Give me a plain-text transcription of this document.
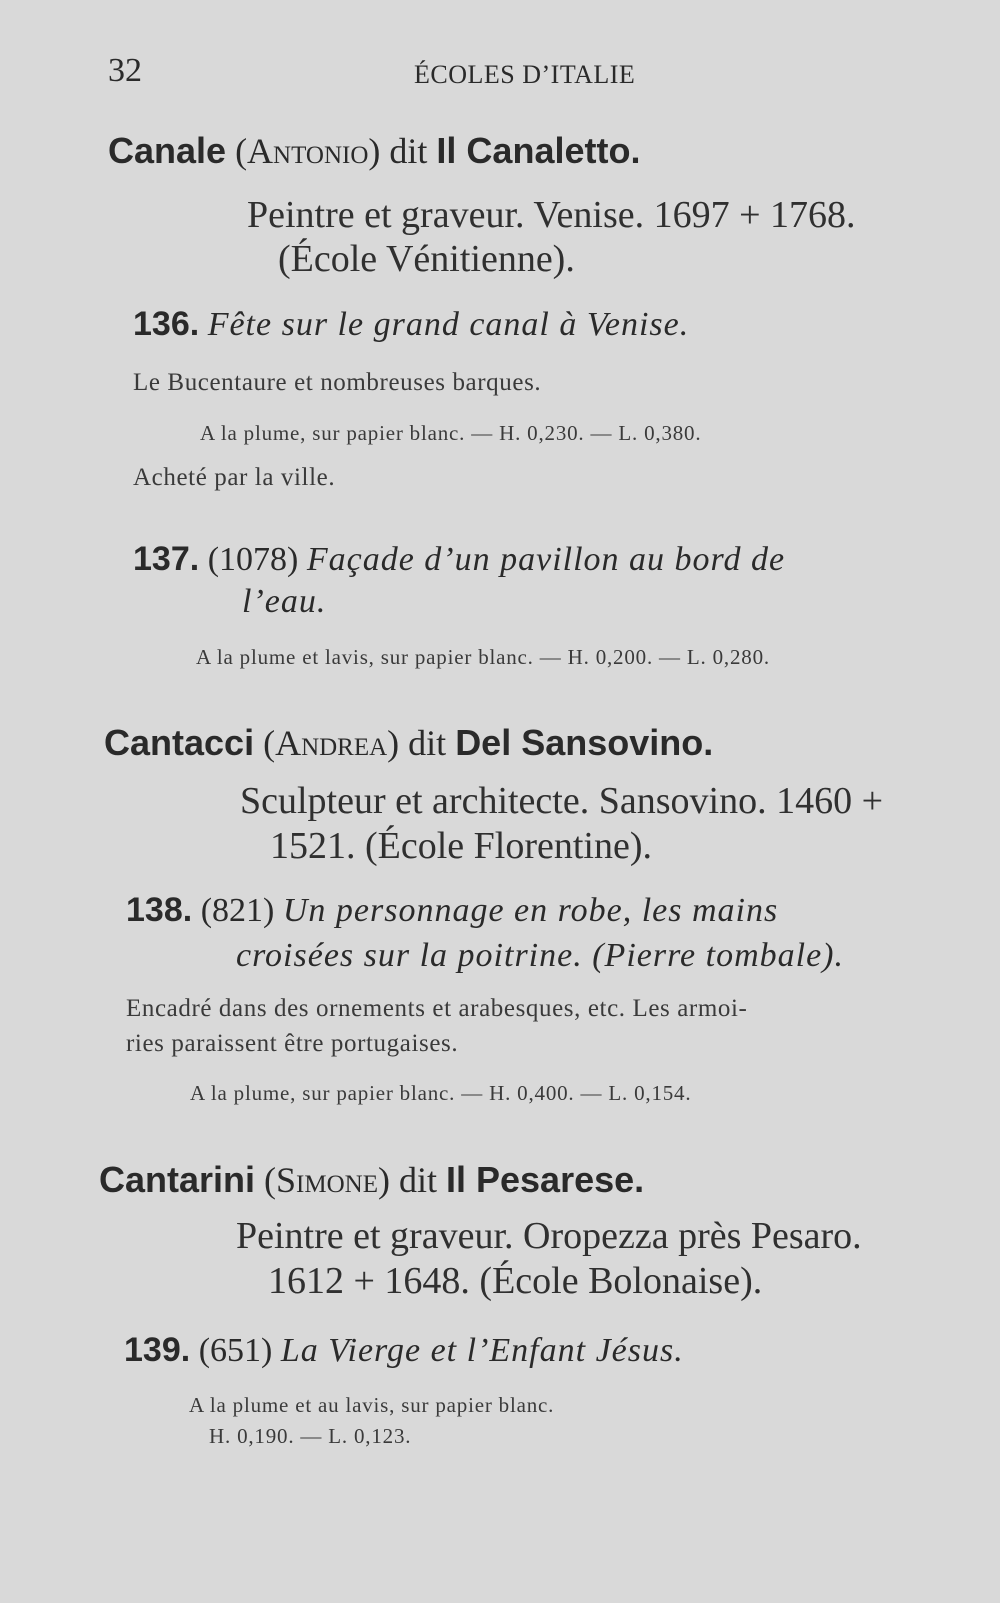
32	ÉCOLES D’ITALIE
Canale (Antonio) dit Il Canaletto.
Peintre et graveur. Venise. 1697 + 1768.
(École Vénitienne).
136. Fête sur le grand canal à Venise.
Le Bucentaure et nombreuses barques.
A la plume, sur papier blanc. — H. 0,230. — L. 0,380.
Acheté par la ville.
137. (1078) Façade d’un pavillon au bord de
l’eau.
A la plume et lavis, sur papier blanc. — H. 0,200. — L. 0,280.
Cantacci (Andrea) dit Del Sansovino.
Sculpteur et architecte. Sansovino. 1460 +
1521. (École Florentine).
138. (821) Un personnage en robe, les mains
croisées sur la poitrine. (Pierre tombale).
Encadré dans des ornements et arabesques, etc. Les armoi-
ries paraissent être portugaises.
A la plume, sur papier blanc. — H. 0,400. — L. 0,154.
Cantarini (Simone) dit Il Pesarese.
Peintre et graveur. Oropezza près Pesaro.
1612 + 1648. (École Bolonaise).
139. (651) La Vierge et l’Enfant Jésus.
A la plume et au lavis, sur papier blanc.
H. 0,190. — L. 0,123.
